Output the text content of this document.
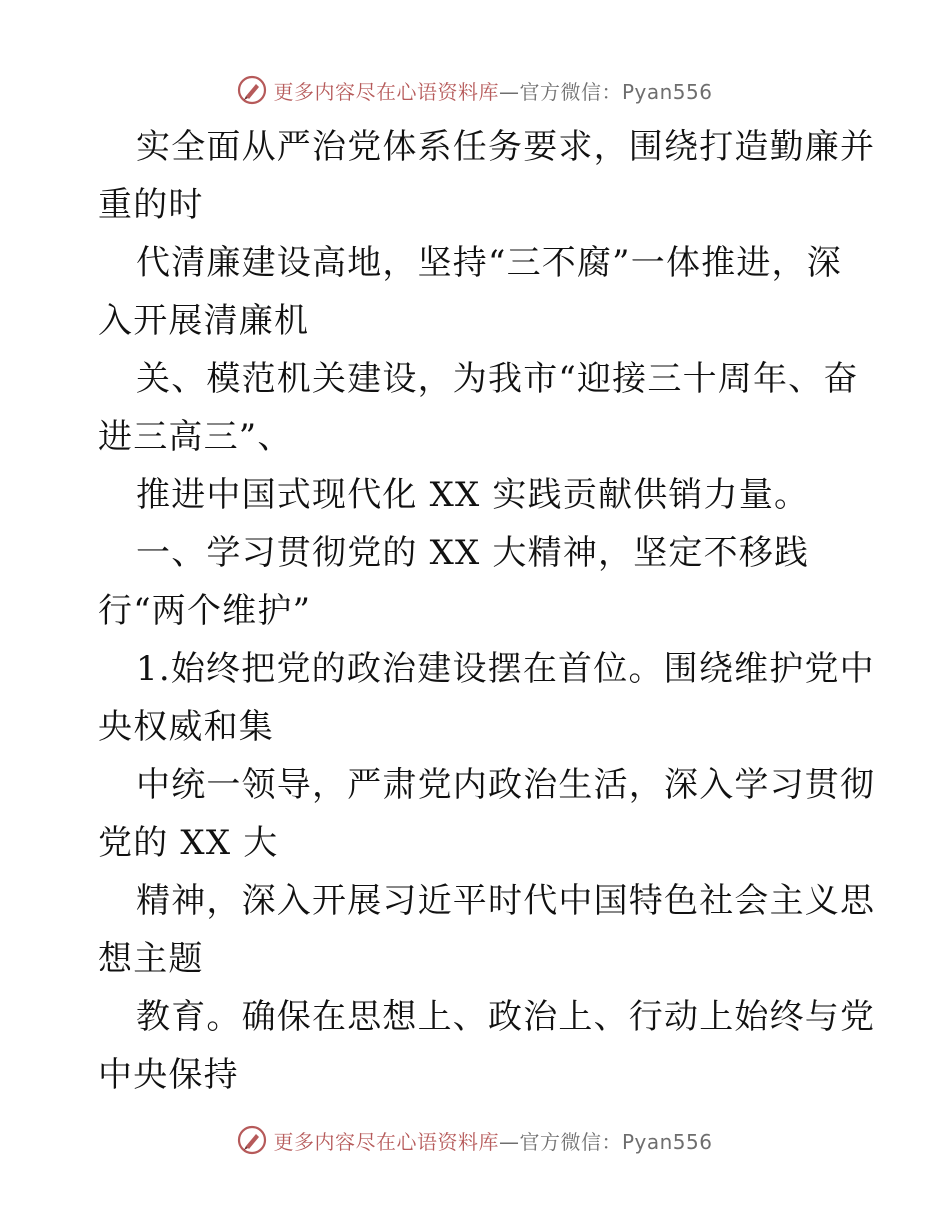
更多内容尽在心语资料库—官方微信：Pyan556

实全面从严治党体系任务要求，围绕打造勤廉并
重的时

代清廉建设高地，坚持“三不腐”一体推进，深
入开展清廉机

关、模范机关建设，为我市“迎接三十周年、奋
进三高三”、

推进中国式现代化 XX 实践贡献供销力量。

一、学习贯彻党的 XX 大精神，坚定不移践
行“两个维护”

1.始终把党的政治建设摆在首位。围绕维护党中
央权威和集

中统一领导，严肃党内政治生活，深入学习贯彻
党的 XX 大

精神，深入开展习近平时代中国特色社会主义思
想主题

教育。确保在思想上、政治上、行动上始终与党
中央保持

更多内容尽在心语资料库—官方微信：Pyan556
